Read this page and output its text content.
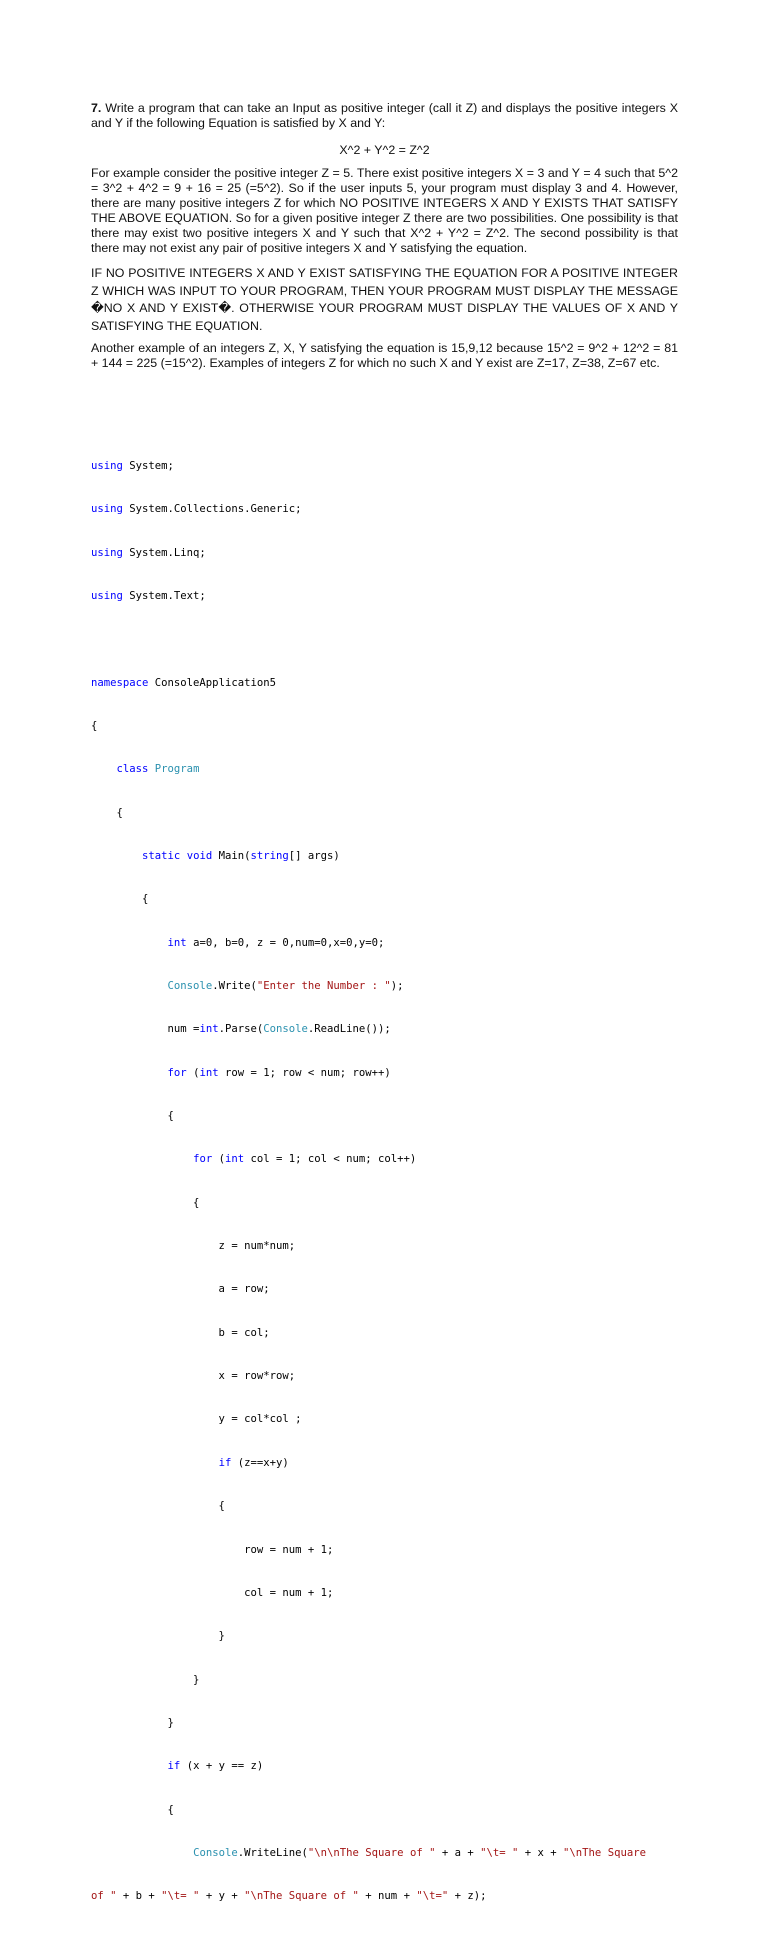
7. Write a program that can take an Input as positive integer (call it Z) and displays the positive integers X and Y if the following Equation is satisfied by X and Y:

X^2 + Y^2 = Z^2

For example consider the positive integer Z = 5. There exist positive integers X = 3 and Y = 4 such that 5^2 = 3^2 + 4^2 = 9 + 16 = 25 (=5^2). So if the user inputs 5, your program must display 3 and 4. However, there are many positive integers Z for which NO POSITIVE INTEGERS X AND Y EXISTS THAT SATISFY THE ABOVE EQUATION. So for a given positive integer Z there are two possibilities. One possibility is that there may exist two positive integers X and Y such that X^2 + Y^2 = Z^2. The second possibility is that there may not exist any pair of positive integers X and Y satisfying the equation.

IF NO POSITIVE INTEGERS X AND Y EXIST SATISFYING THE EQUATION FOR A POSITIVE INTEGER Z WHICH WAS INPUT TO YOUR PROGRAM, THEN YOUR PROGRAM MUST DISPLAY THE MESSAGE �NO X AND Y EXIST�. OTHERWISE YOUR PROGRAM MUST DISPLAY THE VALUES OF X AND Y SATISFYING THE EQUATION.

Another example of an integers Z, X, Y satisfying the equation is 15,9,12 because 15^2 = 9^2 + 12^2 = 81 + 144 = 225 (=15^2). Examples of integers Z for which no such X and Y exist are Z=17, Z=38, Z=67 etc.

using System;

using System.Collections.Generic;

using System.Linq;

using System.Text;

namespace ConsoleApplication5

{

class Program

{

static void Main(string[] args)

{

int a=0, b=0, z = 0,num=0,x=0,y=0;

Console.Write("Enter the Number : ");

num =int.Parse(Console.ReadLine());

for (int row = 1; row < num; row++)

{

for (int col = 1; col < num; col++)

{

z = num*num;

a = row;

b = col;

x = row*row;

y = col*col ;

if (z==x+y)

{

row = num + 1;

col = num + 1;

}

}

}

if (x + y == z)

{

Console.WriteLine("\n\nThe Square of " + a + "\t= " + x + "\nThe Square

of " + b + "\t= " + y + "\nThe Square of " + num + "\t=" + z);
